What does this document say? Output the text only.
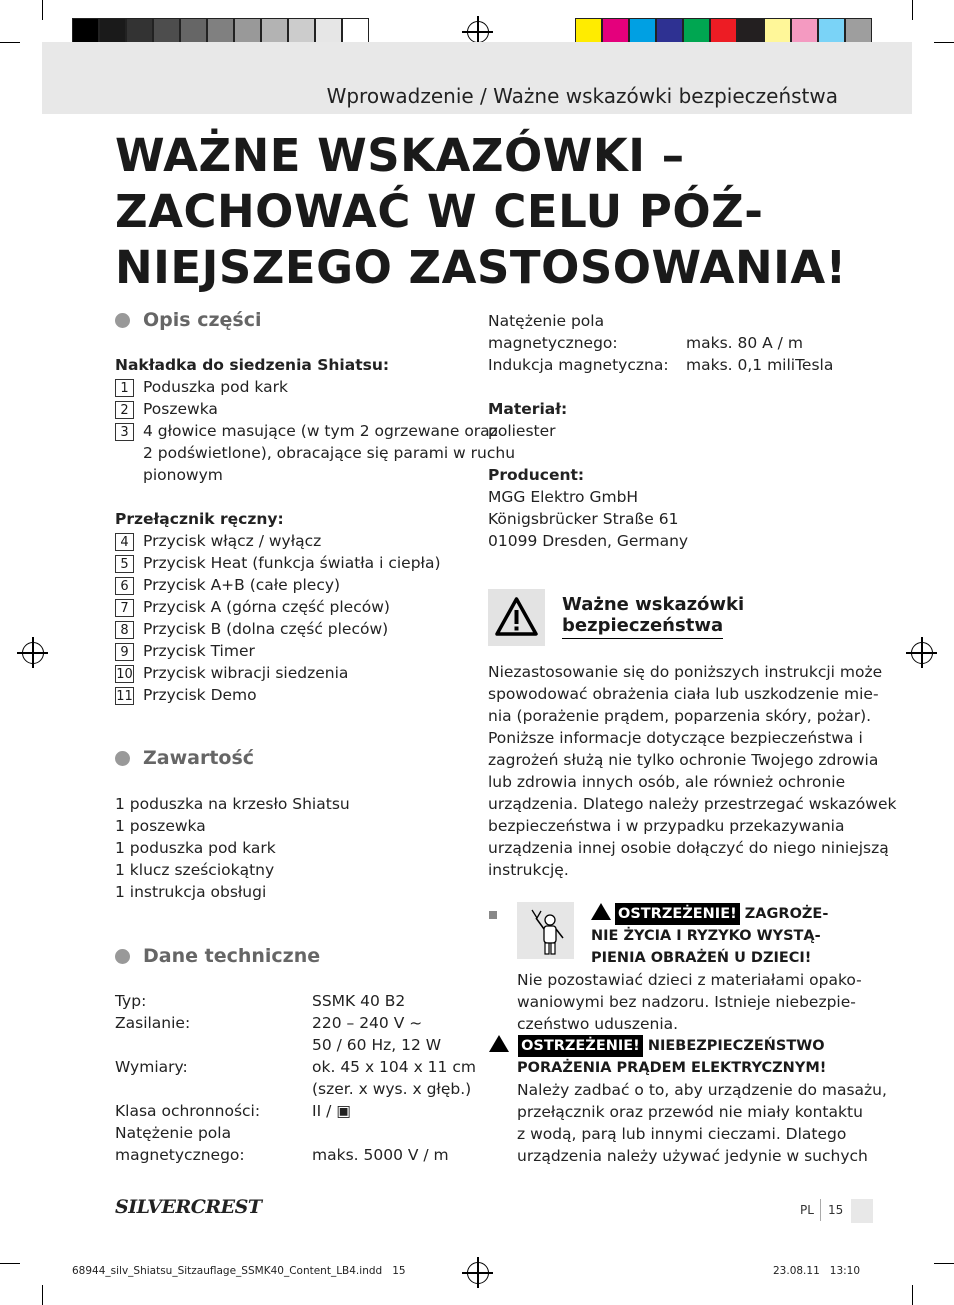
Wprowadzenie / Ważne wskazówki bezpieczeństwa
WAŻNE WSKAZÓWKI –
ZACHOWAĆ W CELU PÓŹ-
NIEJSZEGO ZASTOSOWANIA!
Opis części
Nakładka do siedzenia Shiatsu:
1 Poduszka pod kark
2 Poszewka
3 4 głowice masujące (w tym 2 ogrzewane oraz
2 podświetlone), obracające się parami w ruchu
pionowym
Przełącznik ręczny:
4 Przycisk włącz / wyłącz
5 Przycisk Heat (funkcja światła i ciepła)
6 Przycisk A+B (całe plecy)
7 Przycisk A (górna część pleców)
8 Przycisk B (dolna część pleców)
9 Przycisk Timer
10 Przycisk wibracji siedzenia
11 Przycisk Demo
Zawartość
1 poduszka na krzesło Shiatsu
1 poszewka
1 poduszka pod kark
1 klucz sześciokątny
1 instrukcja obsługi
Dane techniczne
Typ:	SSMK 40 B2
Zasilanie:	220 – 240 V ~
50 / 60 Hz, 12 W
Wymiary:	ok. 45 x 104 x 11 cm
(szer. x wys. x głęb.)
Klasa ochronności:	II / ▣
Natężenie pola
magnetycznego:	maks. 5000 V / m
Natężenie pola
magnetycznego:	maks. 80 A / m
Indukcja magnetyczna: maks. 0,1 miliTesla
Materiał:
poliester
Producent:
MGG Elektro GmbH
Königsbrücker Straße 61
01099 Dresden, Germany
Ważne wskazówki
bezpieczeństwa
Niezastosowanie się do poniższych instrukcji może
spowodować obrażenia ciała lub uszkodzenie mie-
nia (porażenie prądem, poparzenia skóry, pożar).
Poniższe informacje dotyczące bezpieczeństwa i
zagrożeń służą nie tylko ochronie Twojego zdrowia
lub zdrowia innych osób, ale również ochronie
urządzenia. Dlatego należy przestrzegać wskazówek
bezpieczeństwa i w przypadku przekazywania
urządzenia innej osobie dołączyć do niego niniejszą
instrukcję.
OSTRZEŻENIE! ZAGROŻE-
NIE ŻYCIA I RYZYKO WYSTĄ-
PIENIA OBRAŻEŃ U DZIECI!
Nie pozostawiać dzieci z materiałami opako-
waniowymi bez nadzoru. Istnieje niebezpie-
czeństwo uduszenia.
OSTRZEŻENIE! NIEBEZPIECZEŃSTWO
PORAŻENIA PRĄDEM ELEKTRYCZNYM!
Należy zadbać o to, aby urządzenie do masażu,
przełącznik oraz przewód nie miały kontaktu
z wodą, parą lub innymi cieczami. Dlatego
urządzenia należy używać jedynie w suchych
SILVERCREST	PL 15
68944_silv_Shiatsu_Sitzauflage_SSMK40_Content_LB4.indd   15	23.08.11   13:10
